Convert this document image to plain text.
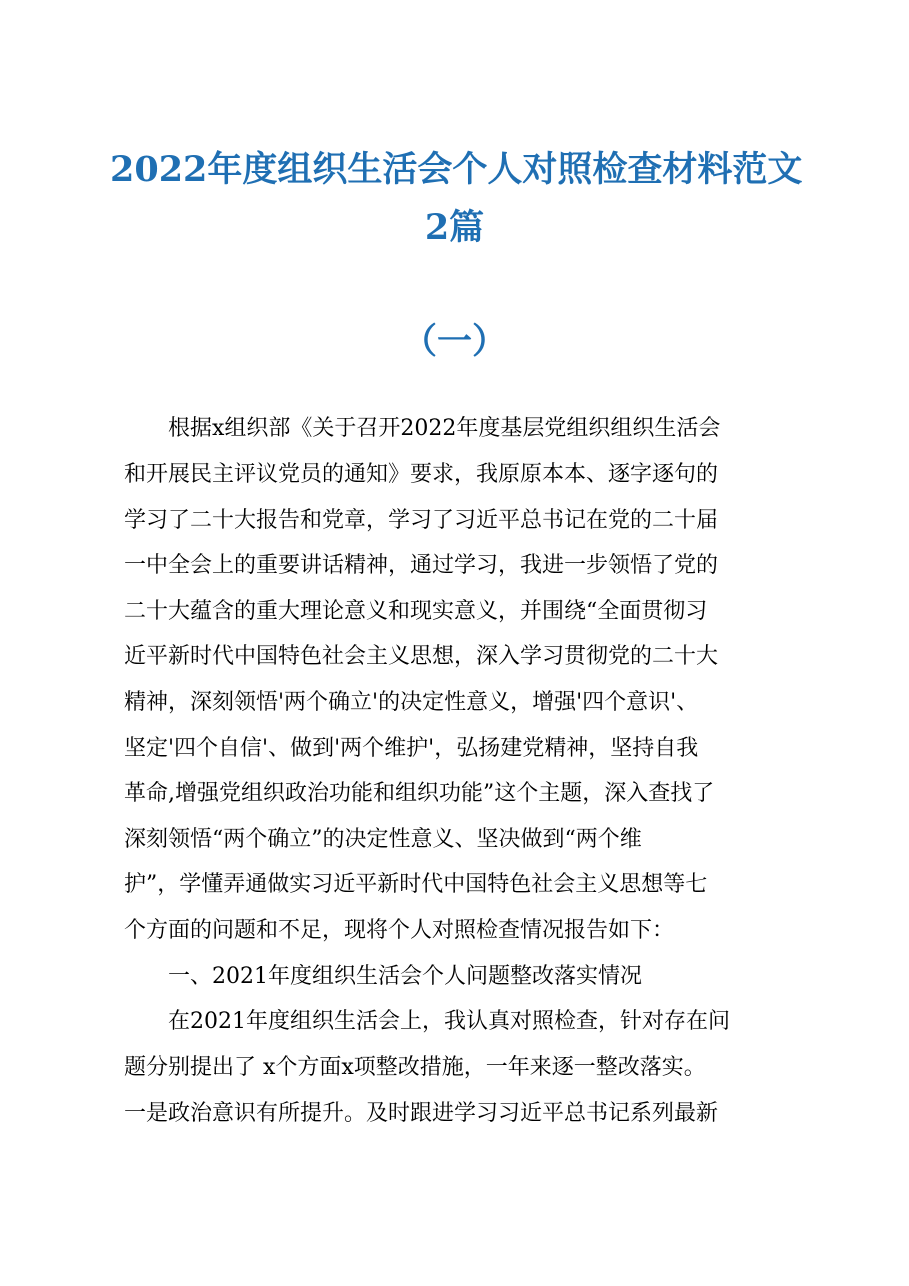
2022年度组织生活会个人对照检查材料范文
2篇
（一）
　　根据x组织部《关于召开2022年度基层党组织组织生活会
和开展民主评议党员的通知》要求，我原原本本、逐字逐句的
学习了二十大报告和党章，学习了习近平总书记在党的二十届
一中全会上的重要讲话精神，通过学习，我进一步领悟了党的
二十大蕴含的重大理论意义和现实意义，并围绕“全面贯彻习
近平新时代中国特色社会主义思想，深入学习贯彻党的二十大
精神，深刻领悟'两个确立'的决定性意义，增强'四个意识'、
坚定'四个自信'、做到'两个维护'，弘扬建党精神，坚持自我
革命,增强党组织政治功能和组织功能”这个主题，深入查找了
深刻领悟“两个确立”的决定性意义、坚决做到“两个维
护”，学懂弄通做实习近平新时代中国特色社会主义思想等七
个方面的问题和不足，现将个人对照检查情况报告如下：
　　一、2021年度组织生活会个人问题整改落实情况
　　在2021年度组织生活会上，我认真对照检查，针对存在问
题分别提出了 x个方面x项整改措施，一年来逐一整改落实。
一是政治意识有所提升。及时跟进学习习近平总书记系列最新
